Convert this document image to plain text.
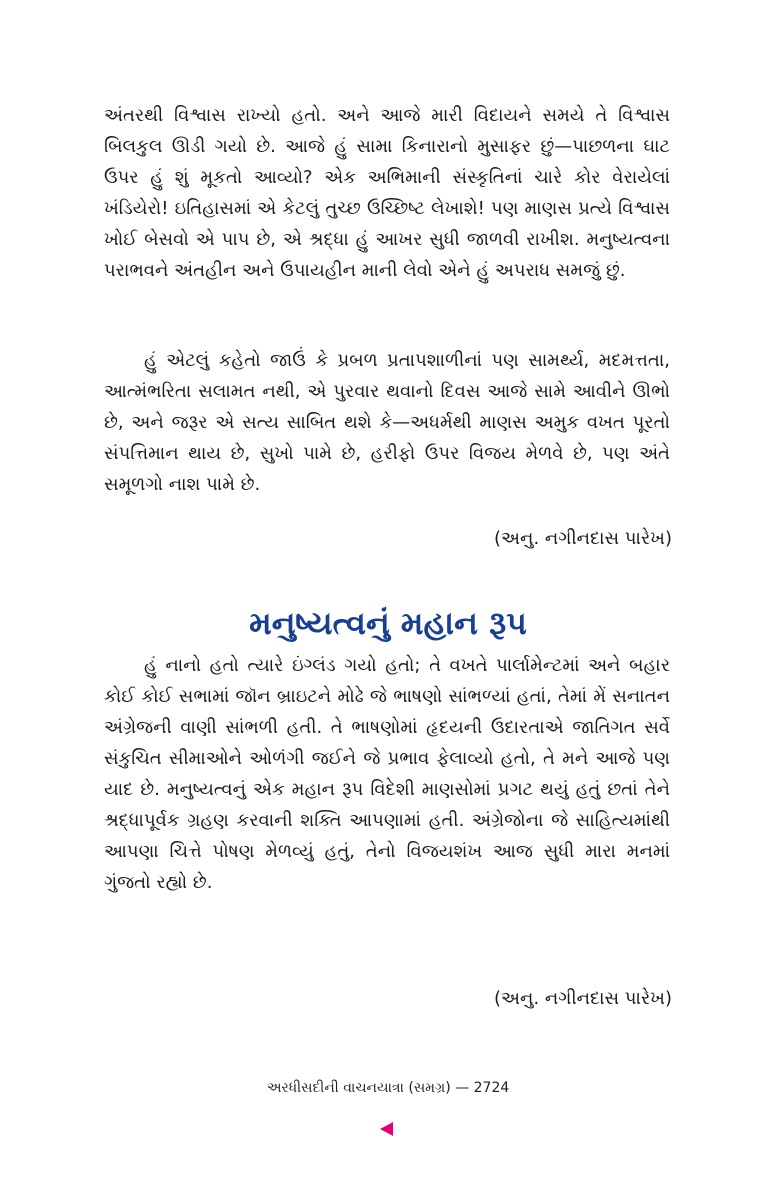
અંતરથી વિશ્વાસ રાખ્યો હતો. અને આજે મારી વિદાયને સમયે તે વિશ્વાસ બિલકુલ ઊડી ગયો છે. આજે હું સામા કિનારાનો મુસાફર છું—પાછળના ઘાટ ઉપર હું શું મૂકતો આવ્યો? એક અભિમાની સંસ્કૃતિનાં ચારે કોર વેરાયેલાં ખંડિયેરો! ઇતિહાસમાં એ કેટલું તુચ્છ ઉચ્છિષ્ટ લેખાશે! પણ માણસ પ્રત્યે વિશ્વાસ ખોઈ બેસવો એ પાપ છે, એ શ્રદ્ધા હું આખર સુધી જાળવી રાખીશ. મનુષ્યત્વના પરાભવને અંતહીન અને ઉપાયહીન માની લેવો એને હું અપરાધ સમજું છું.

હું એટલું કહેતો જાઉં કે પ્રબળ પ્રતાપશાળીનાં પણ સામર્થ્ય, મદમત્તતા, આત્મંભરિતા સલામત નથી, એ પુરવાર થવાનો દિવસ આજે સામે આવીને ઊભો છે, અને જરૂર એ સત્ય સાબિત થશે કે—અધર્મથી માણસ અમુક વખત પૂરતો સંપત્તિમાન થાય છે, સુખો પામે છે, હરીફો ઉપર વિજય મેળવે છે, પણ અંતે સમૂળગો નાશ પામે છે.

(અનુ. નગીનદાસ પારેખ)

મનુષ્યત્વનું મહાન રૂપ

હું નાનો હતો ત્યારે ઇંગ્લંડ ગયો હતો; તે વખતે પાર્લામેન્ટમાં અને બહાર કોઈ કોઈ સભામાં જૉન બ્રાઇટને મોઢે જે ભાષણો સાંભળ્યાં હતાં, તેમાં મેં સનાતન અંગ્રેજની વાણી સાંભળી હતી. તે ભાષણોમાં હૃદયની ઉદારતાએ જાતિગત સર્વે સંકુચિત સીમાઓને ઓળંગી જઈને જે પ્રભાવ ફેલાવ્યો હતો, તે મને આજે પણ યાદ છે. મનુષ્યત્વનું એક મહાન રૂપ વિદેશી માણસોમાં પ્રગટ થયું હતું છતાં તેને શ્રદ્ધાપૂર્વક ગ્રહણ કરવાની શક્તિ આપણામાં હતી. અંગ્રેજોના જે સાહિત્યમાંથી આપણા ચિત્તે પોષણ મેળવ્યું હતું, તેનો વિજયશંખ આજ સુધી મારા મનમાં ગુંજતો રહ્યો છે.

(અનુ. નગીનદાસ પારેખ)

અરધીસદીની વાચનયાત્રા (સમગ્ર) — 2724
